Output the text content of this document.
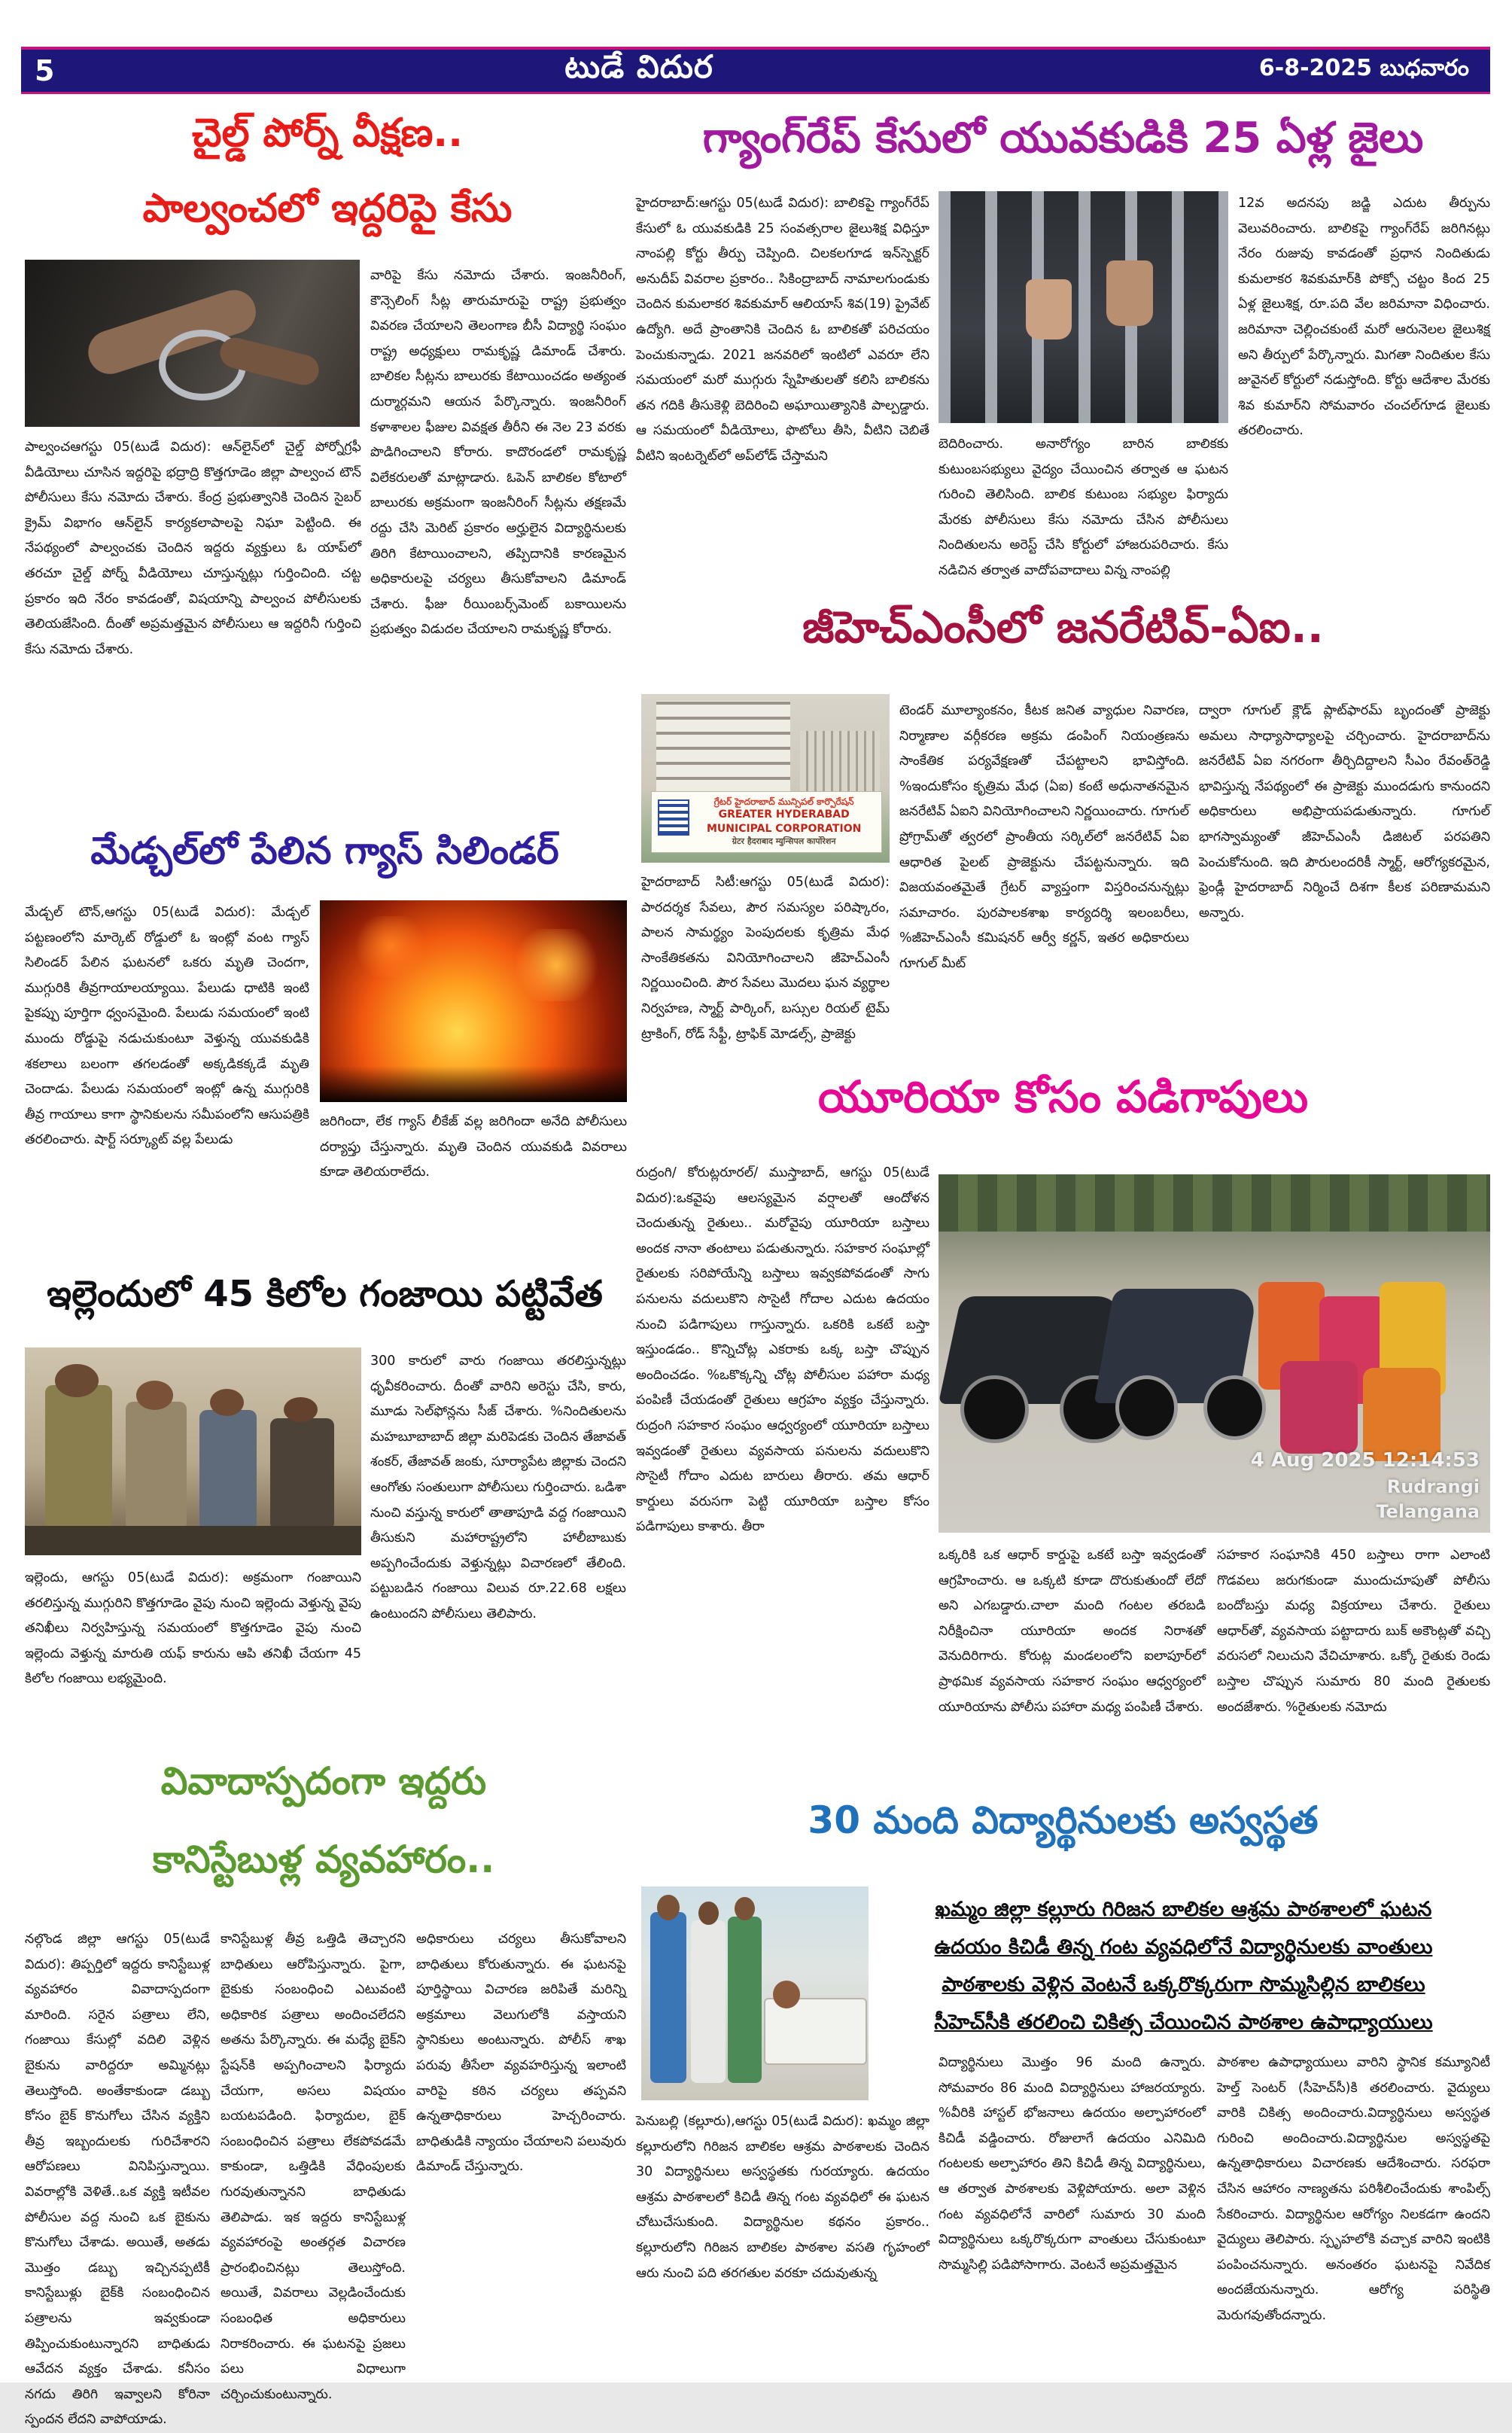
5	టుడే విదుర	6-8-2025 బుధవారం
చైల్డ్ పోర్న్ వీక్షణ..
పాల్వంచలో ఇద్దరిపై కేసు
వారిపై కేసు నమోదు చేశారు. ఇంజనీరింగ్, కౌన్సెలింగ్ సీట్ల తారుమారుపై రాష్ట్ర ప్రభుత్వం వివరణ చేయాలని తెలంగాణ బీసీ విద్యార్థి సంఘం రాష్ట్ర అధ్యక్షులు రామకృష్ణ డిమాండ్ చేశారు. బాలికల సీట్లను బాలురకు కేటాయించడం అత్యంత దుర్మార్గమని ఆయన పేర్కొన్నారు. ఇంజనీరింగ్ కళాశాలల ఫీజుల వివక్షత తీరీని ఈ నెల 23 వరకు పొడిగించాలని కోరారు. కాదొరండలో రామకృష్ణ విలేకరులతో మాట్లాడారు. ఓపెన్ బాలికల కోటాలో బాలురకు అక్రమంగా ఇంజనీరింగ్ సీట్లను తక్షణమే రద్దు చేసి మెరిట్ ప్రకారం అర్హులైన విద్యార్థినులకు తిరిగి కేటాయించాలని, తప్పిదానికి కారణమైన అధికారులపై చర్యలు తీసుకోవాలని డిమాండ్ చేశారు. ఫీజు రీయింబర్స్‌మెంట్ బకాయిలను ప్రభుత్వం విడుదల చేయాలని రామకృష్ణ కోరారు.
పాల్వంచఆగస్టు 05(టుడే విదుర): ఆన్‌లైన్‌లో చైల్డ్ పోర్నోగ్రఫీ వీడియోలు చూసిన ఇద్దరిపై భద్రాద్రి కొత్తగూడెం జిల్లా పాల్వంచ టౌన్ పోలీసులు కేసు నమోదు చేశారు. కేంద్ర ప్రభుత్వానికి చెందిన సైబర్ క్రైమ్ విభాగం ఆన్‌లైన్ కార్యకలాపాలపై నిఘా పెట్టింది. ఈ నేపథ్యంలో పాల్వంచకు చెందిన ఇద్దరు వ్యక్తులు ఓ యాప్‌లో తరచూ చైల్డ్ పోర్న్ వీడియోలు చూస్తున్నట్లు గుర్తించింది. చట్ట ప్రకారం ఇది నేరం కావడంతో, విషయాన్ని పాల్వంచ పోలీసులకు తెలియజేసింది. దీంతో అప్రమత్తమైన పోలీసులు ఆ ఇద్దరినీ గుర్తించి కేసు నమోదు చేశారు.
మేడ్చల్‌లో పేలిన గ్యాస్ సిలిండర్
మేడ్చల్ టౌన్,ఆగస్టు 05(టుడే విదుర): మేడ్చల్ పట్టణంలోని మార్కెట్ రోడ్డులో ఓ ఇంట్లో వంట గ్యాస్ సిలిండర్ పేలిన ఘటనలో ఒకరు మృతి చెందగా, ముగ్గురికి తీవ్రగాయాలయ్యాయి. పేలుడు ధాటికి ఇంటి పైకప్పు పూర్తిగా ధ్వంసమైంది. పేలుడు సమయంలో ఇంటి ముందు రోడ్డుపై నడుచుకుంటూ వెళ్తున్న యువకుడికి శకలాలు బలంగా తగలడంతో అక్కడికక్కడే మృతి చెందాడు. పేలుడు సమయంలో ఇంట్లో ఉన్న ముగ్గురికి తీవ్ర గాయాలు కాగా స్థానికులను సమీపంలోని ఆసుపత్రికి తరలించారు. షార్ట్ సర్క్యూట్ వల్ల పేలుడు
జరిగిందా, లేక గ్యాస్ లీకేజ్ వల్ల జరిగిందా అనేది పోలీసులు దర్యాప్తు చేస్తున్నారు. మృతి చెందిన యువకుడి వివరాలు కూడా తెలియరాలేదు.
ఇల్లెందులో 45 కిలోల గంజాయి పట్టివేత
300 కారులో వారు గంజాయి తరలిస్తున్నట్లు ధృవీకరించారు. దీంతో వారిని అరెస్టు చేసి, కారు, మూడు సెల్‌ఫోన్లను సీజ్ చేశారు. %నిందితులను మహబూబాబాద్ జిల్లా మరిపెడకు చెందిన తేజావత్ శంకర్, తేజావత్ జంకు, సూర్యాపేట జిల్లాకు చెందని ఆంగోతు సంతులుగా పోలీసులు గుర్తించారు. ఒడిశా నుంచి వస్తున్న కారులో తాతాపూడి వద్ద గంజాయిని తీసుకుని మహారాష్ట్రలోని హాలీబాబుకు అప్పగించేందుకు వెళ్తున్నట్లు విచారణలో తేలింది. పట్టుబడిన గంజాయి విలువ రూ.22.68 లక్షలు ఉంటుందని పోలీసులు తెలిపారు.
ఇల్లెందు, ఆగస్టు 05(టుడే విదుర): అక్రమంగా గంజాయిని తరలిస్తున్న ముగ్గురిని కొత్తగూడెం వైపు నుంచి ఇల్లెందు వెళ్తున్న వైపు తనిఖీలు నిర్వహిస్తున్న సమయంలో కొత్తగూడెం వైపు నుంచి ఇల్లెందు వెళ్తున్న మారుతి యఫ్ కారును ఆపి తనిఖీ చేయగా 45 కిలోల గంజాయి లభ్యమైంది.
వివాదాస్పదంగా ఇద్దరు
కానిస్టేబుళ్ల వ్యవహారం..
నల్గొండ జిల్లా ఆగస్టు 05(టుడే విదుర): తిప్పర్తిలో ఇద్దరు కానిస్టేబుళ్ల వ్యవహారం వివాదాస్పదంగా మారింది. సరైన పత్రాలు లేని, గంజాయి కేసుల్లో వదిలి వెళ్లిన బైకును వారిద్దరూ అమ్మినట్లు తెలుస్తోంది. అంతేకాకుండా డబ్బు కోసం బైక్ కొనుగోలు చేసిన వ్యక్తిని తీవ్ర ఇబ్బందులకు గురిచేశారని ఆరోపణలు వినిపిస్తున్నాయి. వివరాల్లోకి వెళితే..ఒక వ్యక్తి ఇటీవల పోలీసుల వద్ద నుంచి ఒక బైకును కొనుగోలు చేశాడు. అయితే, అతడు మొత్తం డబ్బు ఇచ్చినప్పటికీ కానిస్టేబుళ్లు బైక్‌కి సంబంధించిన పత్రాలను ఇవ్వకుండా తిప్పించుకుంటున్నారని బాధితుడు ఆవేదన వ్యక్తం చేశాడు. కనీసం నగదు తిరిగి ఇవ్వాలని కోరినా స్పందన లేదని వాపోయాడు.
కానిస్టేబుళ్ల తీవ్ర ఒత్తిడి తెచ్చారని బాధితులు ఆరోపిస్తున్నారు. పైగా, బైకుకు సంబంధించి ఎటువంటి అధికారిక పత్రాలు అందించలేదని అతను పేర్కొన్నారు. ఈ మధ్యే బైక్‌ని స్టేషన్‌కి అప్పగించాలని ఫిర్యాదు చేయగా, అసలు విషయం బయటపడింది. ఫిర్యాదుల, బైక్ సంబంధించిన పత్రాలు లేకపోవడమే కాకుండా, ఒత్తిడికి వేధింపులకు గురవుతున్నానని బాధితుడు తెలిపాడు. ఇక ఇద్దరు కానిస్టేబుళ్ల వ్యవహారంపై అంతర్గత విచారణ ప్రారంభించినట్లు తెలుస్తోంది. అయితే, వివరాలు వెల్లడించేందుకు సంబంధిత అధికారులు నిరాకరించారు. ఈ ఘటనపై ప్రజలు పలు విధాలుగా చర్చించుకుంటున్నారు.
అధికారులు చర్యలు తీసుకోవాలని బాధితులు కోరుతున్నారు. ఈ ఘటనపై పూర్తిస్థాయి విచారణ జరిపితే మరిన్ని అక్రమాలు వెలుగులోకి వస్తాయని స్థానికులు అంటున్నారు. పోలీస్ శాఖ పరువు తీసేలా వ్యవహరిస్తున్న ఇలాంటి వారిపై కఠిన చర్యలు తప్పవని ఉన్నతాధికారులు హెచ్చరించారు. బాధితుడికి న్యాయం చేయాలని పలువురు డిమాండ్ చేస్తున్నారు.
గ్యాంగ్‌రేప్ కేసులో యువకుడికి 25 ఏళ్ల జైలు
హైదరాబాద్:ఆగస్టు 05(టుడే విదుర): బాలికపై గ్యాంగ్‌రేప్ కేసులో ఓ యువకుడికి 25 సంవత్సరాల జైలుశిక్ష విధిస్తూ నాంపల్లి కోర్టు తీర్పు చెప్పింది. చిలకలగూడ ఇన్‌స్పెక్టర్ అనుదీప్ వివరాల ప్రకారం.. సికింద్రాబాద్ నామాలగుండుకు చెందిన కుమలాకర శివకుమార్ ఆలియాస్ శివ(19) ప్రైవేట్ ఉద్యోగి. అదే ప్రాంతానికి చెందిన ఓ బాలికతో పరిచయం పెంచుకున్నాడు. 2021 జనవరిలో ఇంటిలో ఎవరూ లేని సమయంలో మరో ముగ్గురు స్నేహితులతో కలిసి బాలికను తన గదికి తీసుకెళ్లి బెదిరించి అఘాయిత్యానికి పాల్పడ్డారు. ఆ సమయంలో వీడియోలు, ఫొటోలు తీసి, వీటిని చెబితే వీటిని ఇంటర్నెట్‌లో అప్‌లోడ్ చేస్తామని
బెదిరించారు. అనారోగ్యం బారిన బాలికకు కుటుంబసభ్యులు వైద్యం చేయించిన తర్వాత ఆ ఘటన గురించి తెలిసింది. బాలిక కుటుంబ సభ్యుల ఫిర్యాదు మేరకు పోలీసులు కేసు నమోదు చేసిన పోలీసులు నిందితులను అరెస్ట్ చేసి కోర్టులో హాజరుపరిచారు. కేసు నడిచిన తర్వాత వాదోపవాదాలు విన్న నాంపల్లి
12వ అదనపు జడ్జి ఎదుట తీర్పును వెలువరించారు. బాలికపై గ్యాంగ్‌రేప్ జరిగినట్లు నేరం రుజువు కావడంతో ప్రధాన నిందితుడు కుమలాకర శివకుమార్‌కి పోక్సో చట్టం కింద 25 ఏళ్ల జైలుశిక్ష, రూ.పది వేల జరిమానా విధించారు. జరిమానా చెల్లించకుంటే మరో ఆరునెలల జైలుశిక్ష అని తీర్పులో పేర్కొన్నారు. మిగతా నిందితుల కేసు జువైనల్ కోర్టులో నడుస్తోంది. కోర్టు ఆదేశాల మేరకు శివ కుమార్‌ని సోమవారం చంచల్‌గూడ జైలుకు తరలించారు.
జీహెచ్ఎంసీలో జనరేటివ్-ఏఐ..
గ్రేటర్ హైదరాబాద్ మున్సిపల్ కార్పొరేషన్
GREATER HYDERABAD MUNICIPAL CORPORATION
ग्रेटर हैदराबाद म्युन्सिपल कार्पोरेशन
హైదరాబాద్ సిటీ:ఆగస్టు 05(టుడే విదుర): పారదర్శక సేవలు, పౌర సమస్యల పరిష్కారం, పాలన సామర్థ్యం పెంపుదలకు కృత్రిమ మేధ సాంకేతికతను వినియోగించాలని జీహెచ్ఎంసీ నిర్ణయించింది. పౌర సేవలు మొదలు ఘన వ్యర్థాల నిర్వహణ, స్మార్ట్ పార్కింగ్, బస్సుల రియల్ టైమ్ ట్రాకింగ్, రోడ్ సేఫ్టీ, ట్రాఫిక్ మోడల్స్, ప్రాజెక్టు
టెండర్ మూల్యాంకనం, కీటక జనిత వ్యాధుల నివారణ, నిర్మాణాల వర్గీకరణ అక్రమ డంపింగ్ నియంత్రణను సాంకేతిక పర్యవేక్షణతో చేపట్టాలని భావిస్తోంది. %ఇందుకోసం కృత్రిమ మేధ (ఏఐ) కంటే అధునాతనమైన జనరేటివ్ ఏఐని వినియోగించాలని నిర్ణయించారు. గూగుల్ ప్రోగ్రామ్‌తో త్వరలో ప్రాంతీయ సర్కిల్‌లో జనరేటివ్ ఏఐ ఆధారిత పైలట్ ప్రాజెక్టును చేపట్టనున్నారు. ఇది విజయవంతమైతే గ్రేటర్ వ్యాప్తంగా విస్తరించనున్నట్లు సమాచారం. పురపాలకశాఖ కార్యదర్శి ఇలంబరీలు, %జీహెచ్ఎంసీ కమిషనర్ ఆర్వీ కర్ణన్, ఇతర అధికారులు గూగుల్ మీట్
ద్వారా గూగుల్ క్లౌడ్ ప్లాట్‌ఫారమ్ బృందంతో ప్రాజెక్టు అమలు సాధ్యాసాధ్యాలపై చర్చించారు. హైదరాబాద్‌ను జనరేటివ్ ఏఐ నగరంగా తీర్చిదిద్దాలని సీఎం రేవంత్‌రెడ్డి భావిస్తున్న నేపథ్యంలో ఈ ప్రాజెక్టు ముందడుగు కానుందని అధికారులు అభిప్రాయపడుతున్నారు. గూగుల్ భాగస్వామ్యంతో జీహెచ్ఎంసీ డిజిటల్ పరపతిని పెంచుకోనుంది. ఇది పౌరులందరికీ స్మార్ట్, ఆరోగ్యకరమైన, ఫ్రెండ్లీ హైదరాబాద్ నిర్మించే దిశగా కీలక పరిణామమని అన్నారు.
యూరియా కోసం పడిగాపులు
రుద్రంగి/ కోరుట్లరూరల్/ ముస్తాబాద్, ఆగస్టు 05(టుడే విదుర):ఒకవైపు ఆలస్యమైన వర్షాలతో ఆందోళన చెందుతున్న రైతులు.. మరోవైపు యూరియా బస్తాలు అందక నానా తంటాలు పడుతున్నారు. సహకార సంఘాల్లో రైతులకు సరిపోయేన్ని బస్తాలు ఇవ్వకపోవడంతో సాగు పనులను వదులుకొని సొసైటీ గోదాల ఎదుట ఉదయం నుంచి పడిగాపులు గాస్తున్నారు. ఒకరికి ఒకటే బస్తా ఇస్తుండడం.. కొన్నిచోట్ల ఎకరాకు ఒక్క బస్తా చొప్పున అందించడం. %ఒకొక్కన్ని చోట్ల పోలీసుల పహారా మధ్య పంపిణీ చేయడంతో రైతులు ఆగ్రహం వ్యక్తం చేస్తున్నారు. రుద్రంగి సహకార సంఘం ఆధ్వర్యంలో యూరియా బస్తాలు ఇవ్వడంతో రైతులు వ్యవసాయ పనులను వదులుకొని సొసైటీ గోదాం ఎదుట బారులు తీరారు. తమ ఆధార్ కార్డులు వరుసగా పెట్టి యూరియా బస్తాల కోసం పడిగాపులు కాశారు. తీరా
4 Aug 2025 12:14:53
Rudrangi
Telangana
ఒక్కరికి ఒక ఆధార్ కార్డుపై ఒకటే బస్తా ఇవ్వడంతో ఆగ్రహించారు. ఆ ఒక్కటి కూడా దొరుకుతుందో లేదో అని ఎగబడ్డారు.చాలా మంది గంటల తరబడి నిరీక్షించినా యూరియా అందక నిరాశతో వెనుదిరిగారు. కోరుట్ల మండలంలోని ఐలాపూర్‌లో ప్రాథమిక వ్యవసాయ సహకార సంఘం ఆధ్వర్యంలో యూరియాను పోలీసు పహారా మధ్య పంపిణీ చేశారు.
సహకార సంఘానికి 450 బస్తాలు రాగా ఎలాంటి గొడవలు జరుగకుండా ముందుచూపుతో పోలీసు బందోబస్తు మధ్య విక్రయాలు చేశారు. రైతులు ఆధార్‌తో, వ్యవసాయ పట్టాదారు బుక్ అకౌంట్లతో వచ్చి వరుసలో నిలుచుని వేచిచూశారు. ఒక్కో రైతుకు రెండు బస్తాల చొప్పున సుమారు 80 మంది రైతులకు అందజేశారు. %రైతులకు నమోదు
30 మంది విద్యార్థినులకు అస్వస్థత
ఖమ్మం జిల్లా కల్లూరు గిరిజన బాలికల ఆశ్రమ పాఠశాలలో ఘటన
ఉదయం కిచిడీ తిన్న గంట వ్యవధిలోనే విద్యార్థినులకు వాంతులు
పాఠశాలకు వెళ్లిన వెంటనే ఒక్కరొక్కరుగా సొమ్మసిల్లిన బాలికలు
సీహెచ్‌సీకి తరలించి చికిత్స చేయించిన పాఠశాల ఉపాధ్యాయులు
పెనుబల్లి (కల్లూరు),ఆగస్టు 05(టుడే విదుర): ఖమ్మం జిల్లా కల్లూరులోని గిరిజన బాలికల ఆశ్రమ పాఠశాలకు చెందిన 30 విద్యార్థినులు అస్వస్థతకు గురయ్యారు. ఉదయం ఆశ్రమ పాఠశాలలో కిచిడీ తిన్న గంట వ్యవధిలో ఈ ఘటన చోటుచేసుకుంది. విద్యార్థినుల కథనం ప్రకారం.. కల్లూరులోని గిరిజన బాలికల పాఠశాల వసతి గృహంలో ఆరు నుంచి పది తరగతుల వరకూ చదువుతున్న
విద్యార్థినులు మొత్తం 96 మంది ఉన్నారు. సోమవారం 86 మంది విద్యార్థినులు హాజరయ్యారు. %వీరికి హాస్టల్ భోజనాలు ఉదయం అల్పాహారంలో కిచిడీ వడ్డించారు. రోజులాగే ఉదయం ఎనిమిది గంటలకు అల్పాహారం తిని కిచిడీ తిన్న విద్యార్థినులు, ఆ తర్వాత పాఠశాలకు వెళ్లిపోయారు. అలా వెళ్లిన గంట వ్యవధిలోనే వారిలో సుమారు 30 మంది విద్యార్థినులు ఒక్కరొక్కరుగా వాంతులు చేసుకుంటూ సొమ్మసిల్లి పడిపోసాగారు. వెంటనే అప్రమత్తమైన
పాఠశాల ఉపాధ్యాయులు వారిని స్థానిక కమ్యూనిటీ హెల్త్ సెంటర్ (సీహెచ్‌సీ)కి తరలించారు. వైద్యులు వారికి చికిత్స అందించారు.విద్యార్థినులు అస్వస్థత గురించి అందించారు.విద్యార్థినుల అస్వస్థతపై ఉన్నతాధికారులు విచారణకు ఆదేశించారు. సరఫరా చేసిన ఆహారం నాణ్యతను పరిశీలించేందుకు శాంపిల్స్ సేకరించారు. విద్యార్థినుల ఆరోగ్యం నిలకడగా ఉందని వైద్యులు తెలిపారు. స్పృహలోకి వచ్చాక వారిని ఇంటికి పంపించనున్నారు. అనంతరం ఘటనపై నివేదిక అందజేయనున్నారు. ఆరోగ్య పరిస్థితి మెరుగవుతోందన్నారు.
